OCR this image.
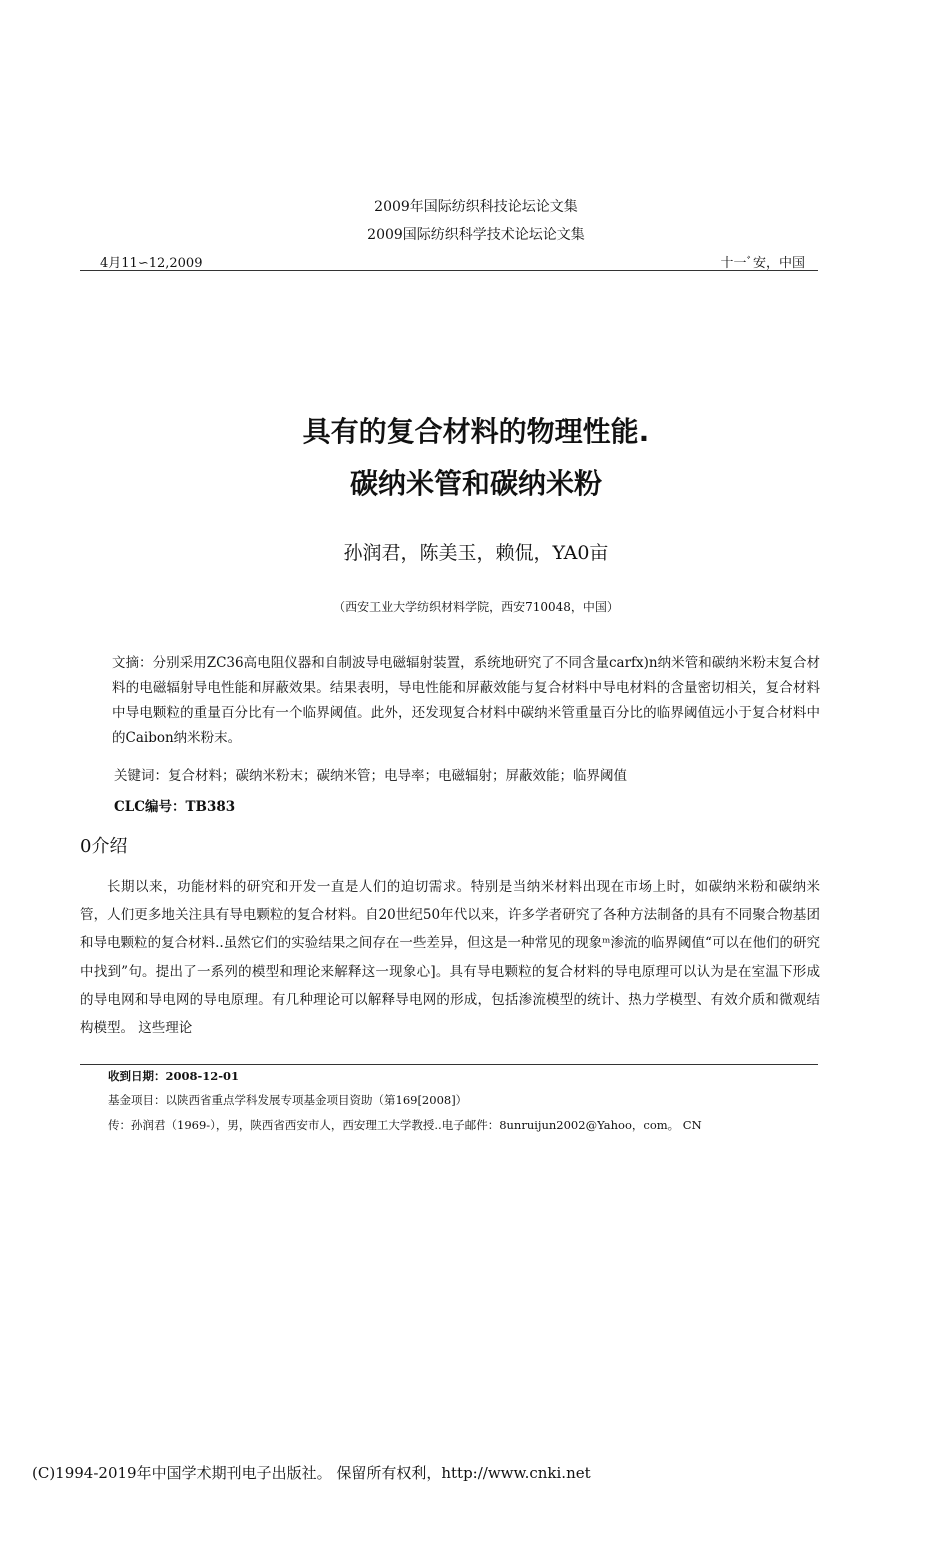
2009年国际纺织科技论坛论文集
2009国际纺织科学技术论坛论文集
4月11∽12,2009	十一ﾞ安，中国
具有的复合材料的物理性能.
碳纳米管和碳纳米粉
孙润君，陈美玉，赖侃，YA0亩
（西安工业大学纺织材料学院，西安710048，中国）
文摘：分别采用ZC36高电阻仪器和自制波导电磁辐射装置，系统地研究了不同含量carfx)n纳米管和碳纳米粉末复合材料的电磁辐射导电性能和屏蔽效果。结果表明，导电性能和屏蔽效能与复合材料中导电材料的含量密切相关，复合材料中导电颗粒的重量百分比有一个临界阈值。此外，还发现复合材料中碳纳米管重量百分比的临界阈值远小于复合材料中的Caibon纳米粉末。
关键词：复合材料；碳纳米粉末；碳纳米管；电导率；电磁辐射；屏蔽效能；临界阈值
CLC编号：TB383
0介绍
长期以来，功能材料的研究和开发一直是人们的迫切需求。特别是当纳米材料出现在市场上时，如碳纳米粉和碳纳米管，人们更多地关注具有导电颗粒的复合材料。自20世纪50年代以来，许多学者研究了各种方法制备的具有不同聚合物基团和导电颗粒的复合材料..虽然它们的实验结果之间存在一些差异，但这是一种常见的现象ᵐ渗流的临界阈值“可以在他们的研究中找到”句。提出了一系列的模型和理论来解释这一现象心]。具有导电颗粒的复合材料的导电原理可以认为是在室温下形成的导电网和导电网的导电原理。有几种理论可以解释导电网的形成，包括渗流模型的统计、热力学模型、有效介质和微观结构模型。 这些理论
收到日期：2008-12-01
基金项目：以陕西省重点学科发展专项基金项目资助（第169[2008]）
传：孙润君（1969-），男，陕西省西安市人，西安理工大学教授..电子邮件：8unruijun2002@Yahoo，com。 CN
(C)1994-2019年中国学术期刊电子出版社。 保留所有权利，http://www.cnki.net
